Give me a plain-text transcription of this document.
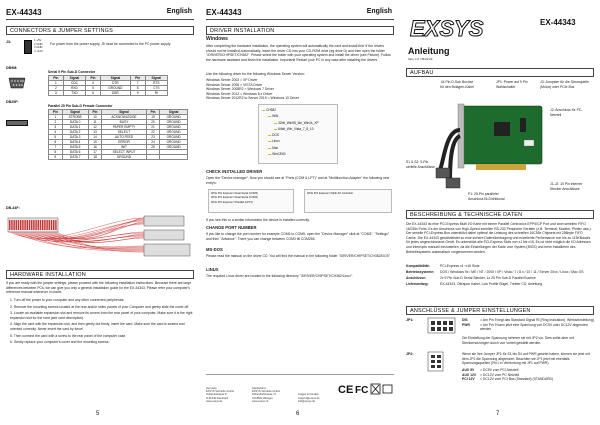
EX-44343	English
CONNECTORS & JUMPER SETTINGS
J3:	1 +5V
2 GND
3 GND
4 +12V
For power from the power supply, J5 must be connected to the PC power supply.
DB9M:
Serial 9 Pin Sub-D Connector
Pin	Signal	Pin	Signal	Pin	Signal
1	CDC	4	DTR	7	RTS
2	RXD	5	GROUND	8	CTS
3	TXD	6	DSR	9	RI
DB25F:
Parallel 25 Pin Sub-D Female Connector
Pin	Signal	Pin	Signal	Pin	Signal
1	STROBE	10	ACKNOWLEDGE	19	GROUND
2	DATA 0	11	BUSY	20	GROUND
3	DATA 1	12	PAPER EMPTY	21	GROUND
4	DATA 2	13	SELECT	22	GROUND
5	DATA 3	14	AUTO FEED	23	GROUND
6	DATA 4	15	ERROR	24	GROUND
7	DATA 5	16	INIT	25	GROUND
8	DATA 6	17	SELECT INPUT		
9	DATA 7	18	GROUND		
DB-44F:
HARDWARE INSTALLATION
If you are ready with the jumper settings, please proceed with the following installation instructions. Because there are large differences between PCs, we can give you only a general installation guide for the EX-44343. Please refer your computer's reference manual whenever in doubt.
1. Turn off the power to your computer and any other connected peripherals.
2. Remove the mounting screws located at the rear and/or sides panels of your Computer and gently slide the cover off.
3. Locate an available expansion slot and remove its covers from the rear panel of your computer. Make sure it is the right expansion slot for the card (see card description).
4. Align the card with the expansion slot, and then gently but firmly, insert the card. Make sure the card is seated and oriented correctly. Never insert the card by force!
5. Then connect the card with a screw to the rear panel of the computer case.
6. Gently replace your computer's cover and the mounting screws.
5
EX-44343	English
DRIVER INSTALLATION
Windows
After completing the hardware installation, the operating system will automatically the card and install this! If the drivers should not be installed automatically, insert the driver CD into your CD-ROM drive (eg drive D) and then open the folder "/DRIVER/CHIPSET/CH382". Please select the folder with your operating system and install the driver (see Picture). Follow the hardware assistant and finish the installation. Important! Restart your PC in any case after installing the drivers.
Use the following driver for the following Windows Server Version:
Windows Server 2003 = XP Driver
Windows Server 2008 = VISTA Driver
Windows Server 2008R2 = Windows 7 Driver
Windows Server 2012 = Windows 8.x Driver
Windows Server 2012R2 to Server 2019 = Windows 10 Driver
▬ CH382
▬ WIN
▬ 32bit_Win98_Me_Win2k_XP
▬ 64bit_Win_Vista_7_8_10
▬ DOS
▬ Linux
▬ Mac
▬ WinCE60
CHECK INSTALLED DRIVER
Open the "Device manager". Now you should see at "Ports (COM & LPT)" and at "Multifunction Adapter" the following new entry's:
WCH PCI Express=>Dual Serial (COM3)
WCH PCI Express=>Dual Serial (COM4)
WCH PCI Express=>Parallel (LPT3)
WCH PCI Express=>Multi-I/O Controller
If you see this or a similar information the device is installed correctly.
CHANGE PORT NUMBER
If you like to change the port number for example COM3 to COM5, open the "Device Manager" click at "COM3", "Settings" and then "Advance". There you can change between COM3 till COM256.
MS-DOS
Please read the manual on the driver CD. You will find the manual in the following folder "/DRIVER/CHIPSET/CH382/DOS"
LINUX
The required Linux driver are located in the following directory "/DRIVER/CHIPSET/CH382/Linux".
Germany
EXSYS Vertriebs GmbH
Industriestrasse 8
D-61449 Steinbach
www.exsys.de
Switzerland
EXSYS Vertriebs GmbH
Dübendorfstrasse 17
CH-8602 Wangen
www.exsys.ch
Fragen & Kontakt
support@exsys.de
info@exsys.de
CE FC
6
EXSYS	EX-44343
Anleitung
Vers. 1.0 / 28.02.20
AUFBAU
44 Pin D-Sub Buchse für den Bolagen-Kabel
JP1: Power auf 9 Pin Wahlschalter
J3: Jumpster für die Stromquelle (Molox) oder PCIe Bus
J2: Anschluss für PC-Netzteil
S1 & S2: 9-Pin serielle Anschlüsse
P1: 25-Pin paralleler Anschluss Bi-Direktional
J1-J2: 15 Pin interner Stecker Anschlüsse
BESCHREIBUNG & TECHNISCHE DATEN
Die EX-44343 ist eine PCI-Express Multi I/O Karte mit einem Parallel Centronics EPP/ECP Port und zwei seriellen FIFO 16C55x Ports. Es der Anschluss von High-Speed seriellen RS-232 Peripherie Geräten (z.B. Terminal, Modem, Plotter usw.). Der serielle PCI-Express Bus unterstützt dabei optimal die Leistung des schnellen 16C55x Chipsets mit 256byte FIFO Cache. Die EX-44343 gewährleistet so eine sichere Datenübertragung und exzellente Performance von bis zu 115KBaud/s für jedes angeschlossene Gerät. Es unterstützt alle PCI-Express Slots von x1 bis x16. Es ist nicht möglich die I/O Adressen und Interrupts manuell einzustellen, da die Einstellungen der Karte vom System (BIOS) und beim Installieren des Betriebssystems automatisch vorgenommen werden.
Kompatibilität:	PCI-Express x1~x16 Slots
Betriebssysteme:	DOS / Windows 9x / ME / NT / 2000 / XP / Vista / 7 / 8.x / 10 / 11 / Server 20xx / Linux / Mac OS
Anschlüsse:	2x 9 Pin Sub-D Serial Stecker, 1x 25 Pin Sub-D Parallel Buchse
Lieferumfang:	EX-44343, Ottrapon Kabel, Low Profile Bügel, Treiber CD, Anleitung
ANSCHLÜSSE & JUMPER EINSTELLUNGEN
JP1:	DIS	= Am Pin 9 liegt das Standard Signal RI (Ring Indication), Werkseinstellung)
PWR	= Am Pin 9 kann jetzt eine Spannung von DC5V oder DC12V abgerufen werden
Die Einstellung der Spannung nehmen sie mit JP2 vor. Dies sollte aber mit Steckernutzungen durch von Vorteil gewählt werden.
JP2:	Wenn sie ihre Jumper JP1 für S1 bis S4 auf PWR gesetzt haben, können sie jetzt mit dem JP2 die Spannung abgrenzen. Beachten sie JP1 jetzt mit ebenfalls Spannungsquellen (Pin1 in Verbindung mit JP1 auf PWR)
AUX 5V	= DC5V vom PCI-Netzteil
AUX 12V	= DC12V vom PC Netzteil
PCI 12V	= DC12V vom PCI Bus (Standard) (STANDARD)
7
